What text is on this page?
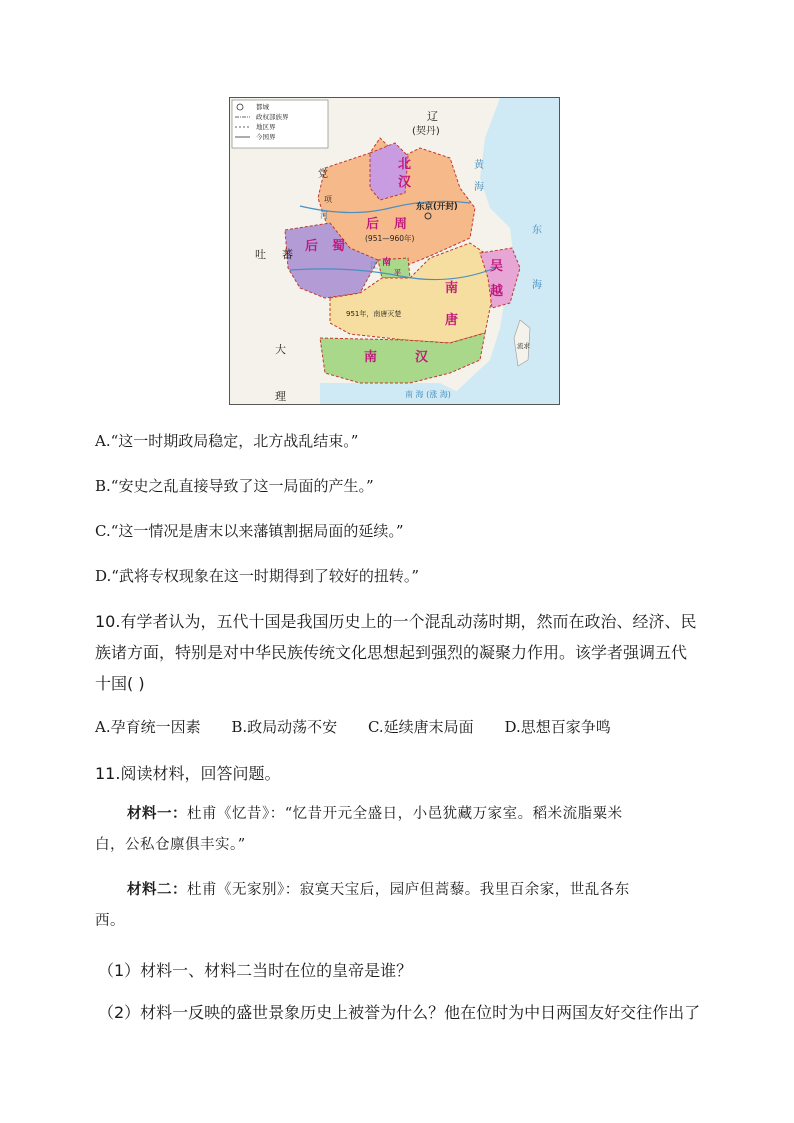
都城
政权部族界
地区界
今国界
辽
(契丹)
党
项
东京(开封)
(951—960年)
吐 蕃
951年，南唐灭楚
大
理
流求
黄
海
东
海
河
江
南 海 (涨 海)
北
汉
后 周
后 蜀
南
平	吴
越
南
唐
南	汉
A.“这一时期政局稳定，北方战乱结束。”
B.“安史之乱直接导致了这一局面的产生。”
C.“这一情况是唐末以来藩镇割据局面的延续。”
D.“武将专权现象在这一时期得到了较好的扭转。”
10.有学者认为，五代十国是我国历史上的一个混乱动荡时期，然而在政治、经济、民
族诸方面，特别是对中华民族传统文化思想起到强烈的凝聚力作用。该学者强调五代
十国( )
A.孕育统一因素 B.政局动荡不安 C.延续唐末局面 D.思想百家争鸣
11.阅读材料，回答问题。
材料一：杜甫《忆昔》：“忆昔开元全盛日，小邑犹藏万家室。稻米流脂粟米
白，公私仓廪俱丰实。”
材料二：杜甫《无家别》：寂寞天宝后，园庐但蒿藜。我里百余家，世乱各东
西。
（1）材料一、材料二当时在位的皇帝是谁？
（2）材料一反映的盛世景象历史上被誉为什么？他在位时为中日两国友好交往作出了
